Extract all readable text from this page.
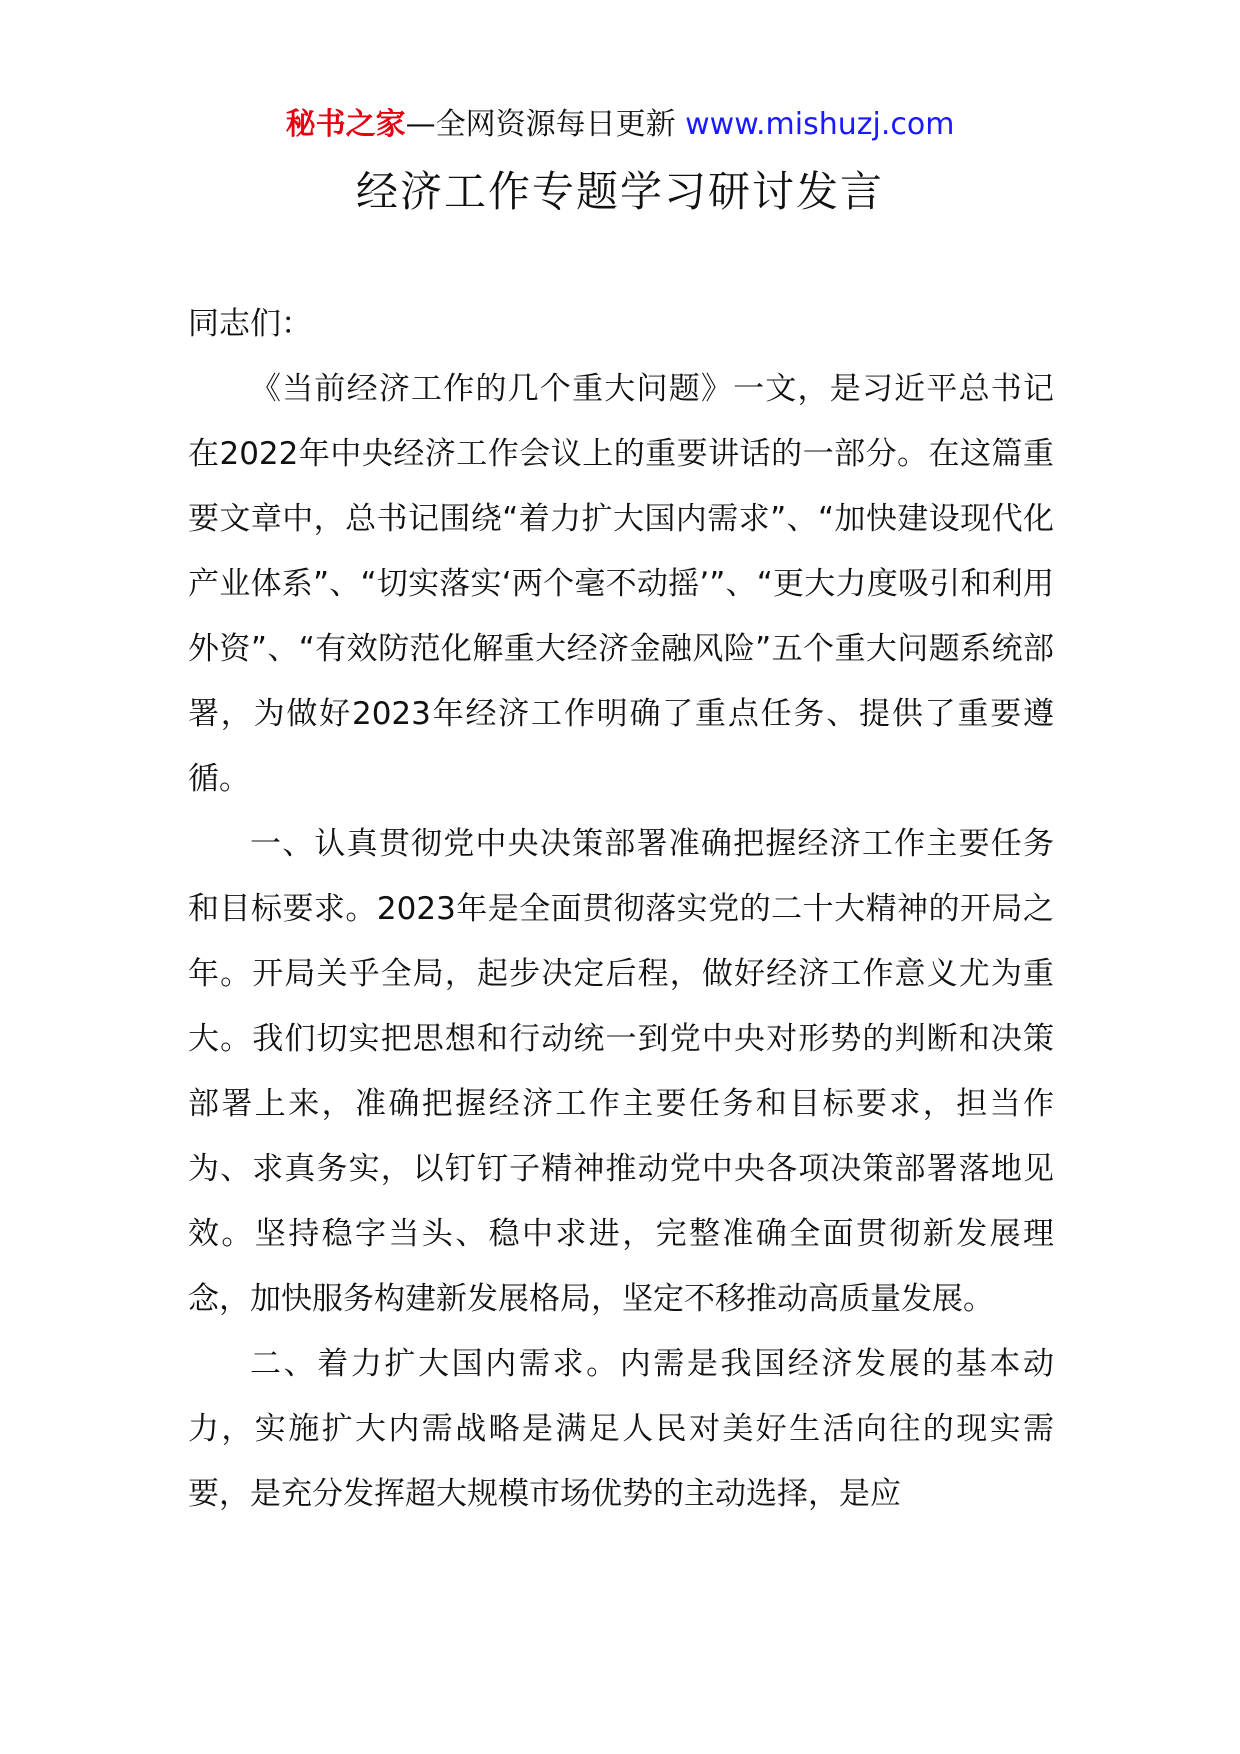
秘书之家—全网资源每日更新 www.mishuzj.com
经济工作专题学习研讨发言

同志们：

《当前经济工作的几个重大问题》一文，是习近平总书记在2022年中央经济工作会议上的重要讲话的一部分。在这篇重要文章中，总书记围绕“着力扩大国内需求”、“加快建设现代化产业体系”、“切实落实‘两个毫不动摇’”、“更大力度吸引和利用外资”、“有效防范化解重大经济金融风险”五个重大问题系统部署，为做好2023年经济工作明确了重点任务、提供了重要遵循。

一、认真贯彻党中央决策部署准确把握经济工作主要任务和目标要求。2023年是全面贯彻落实党的二十大精神的开局之年。开局关乎全局，起步决定后程，做好经济工作意义尤为重大。我们切实把思想和行动统一到党中央对形势的判断和决策部署上来，准确把握经济工作主要任务和目标要求，担当作为、求真务实，以钉钉子精神推动党中央各项决策部署落地见效。坚持稳字当头、稳中求进，完整准确全面贯彻新发展理念，加快服务构建新发展格局，坚定不移推动高质量发展。

二、着力扩大国内需求。内需是我国经济发展的基本动力，实施扩大内需战略是满足人民对美好生活向往的现实需要，是充分发挥超大规模市场优势的主动选择，是应
